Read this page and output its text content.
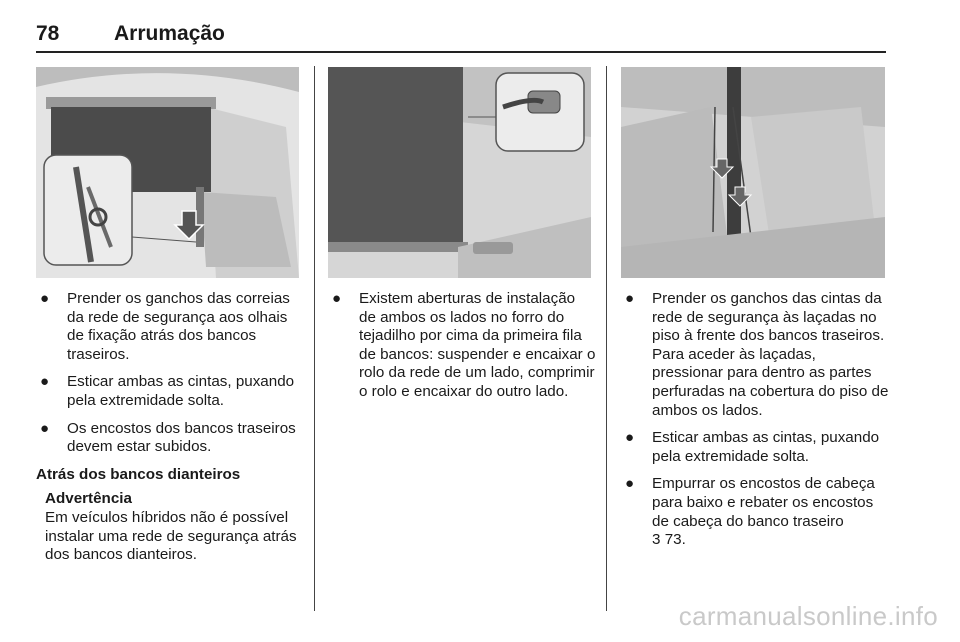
78	Arrumação
● Prender os ganchos das correias da rede de segurança aos olhais de fixação atrás dos bancos traseiros.
● Esticar ambas as cintas, puxando pela extremidade solta.
● Os encostos dos bancos traseiros devem estar subidos.
Atrás dos bancos dianteiros
Advertência
Em veículos híbridos não é possível instalar uma rede de segurança atrás dos bancos dianteiros.
● Existem aberturas de instalação de ambos os lados no forro do tejadilho por cima da primeira fila de bancos: suspender e encaixar o rolo da rede de um lado, comprimir o rolo e encaixar do outro lado.
● Prender os ganchos das cintas da rede de segurança às laçadas no piso à frente dos bancos traseiros. Para aceder às laçadas, pressionar para dentro as partes perfuradas na cobertura do piso de ambos os lados.
● Esticar ambas as cintas, puxando pela extremidade solta.
● Empurrar os encostos de cabeça para baixo e rebater os encostos de cabeça do banco traseiro
3 73.
carmanualsonline.info
